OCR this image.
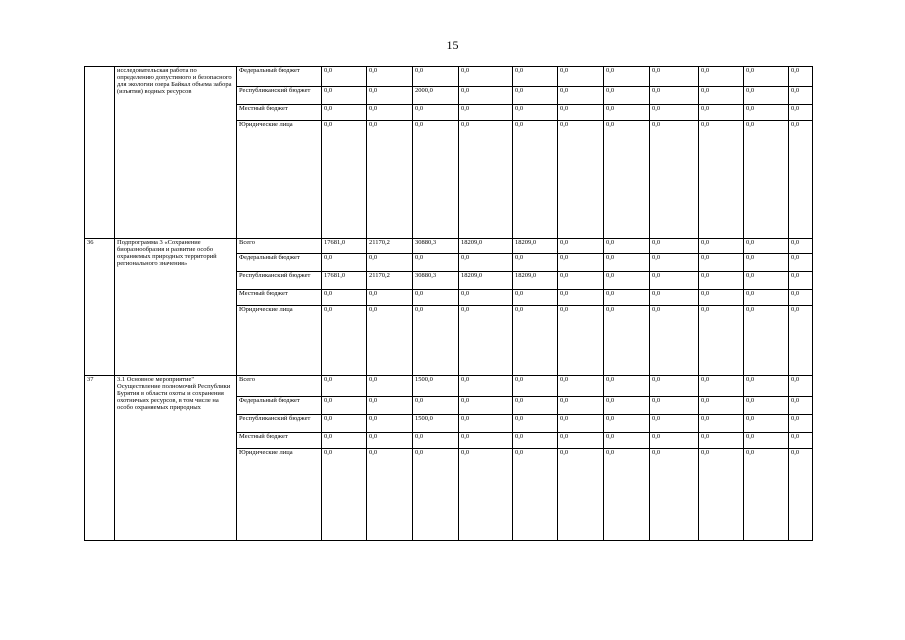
15
	исследовательская работа по определению допустимого и безопасного для экологии озера Байкал объема забора (изъятия) водных ресурсов	Федеральный бюджет	0,0	0,0	0,0	0,0	0,0	0,0	0,0	0,0	0,0	0,0	0,0	
		Республиканский бюджет	0,0	0,0	2000,0	0,0	0,0	0,0	0,0	0,0	0,0	0,0	0,0	
		Местный бюджет	0,0	0,0	0,0	0,0	0,0	0,0	0,0	0,0	0,0	0,0	0,0	
		Юридические лица	0,0	0,0	0,0	0,0	0,0	0,0	0,0	0,0	0,0	0,0	0,0	
36	Подпрограмма 3 «Сохранение биоразнообразия и развитие особо охраняемых природных территорий регионального значения»	Всего	17681,0	21170,2	30880,3	18209,0	18209,0	0,0	0,0	0,0	0,0	0,0	0,0	
		Федеральный бюджет	0,0	0,0	0,0	0,0	0,0	0,0	0,0	0,0	0,0	0,0	0,0	
		Республиканский бюджет	17681,0	21170,2	30880,3	18209,0	18209,0	0,0	0,0	0,0	0,0	0,0	0,0	
		Местный бюджет	0,0	0,0	0,0	0,0	0,0	0,0	0,0	0,0	0,0	0,0	0,0	
		Юридические лица	0,0	0,0	0,0	0,0	0,0	0,0	0,0	0,0	0,0	0,0	0,0	
37	3.1 Основное мероприятие" Осуществление полномочий Республики Бурятия в области охоты и сохранения охотничьих ресурсов, в том числе на особо охраняемых природных	Всего	0,0	0,0	1500,0	0,0	0,0	0,0	0,0	0,0	0,0	0,0	0,0	
		Федеральный бюджет	0,0	0,0	0,0	0,0	0,0	0,0	0,0	0,0	0,0	0,0	0,0	
		Республиканский бюджет	0,0	0,0	1500,0	0,0	0,0	0,0	0,0	0,0	0,0	0,0	0,0	
		Местный бюджет	0,0	0,0	0,0	0,0	0,0	0,0	0,0	0,0	0,0	0,0	0,0	
		Юридические лица	0,0	0,0	0,0	0,0	0,0	0,0	0,0	0,0	0,0	0,0	0,0	
